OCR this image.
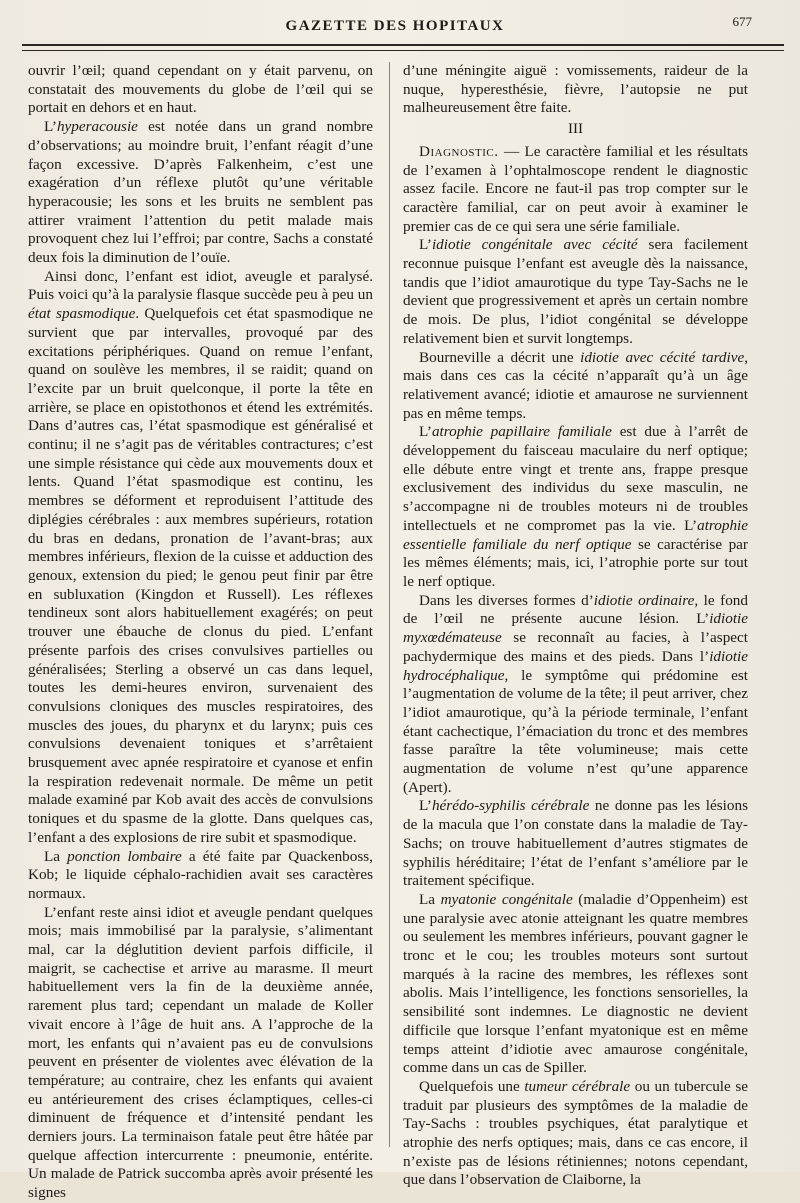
GAZETTE DES HOPITAUX	677

ouvrir l’œil; quand cependant on y était parvenu, on constatait des mouvements du globe de l’œil qui se portait en dehors et en haut.

L’hyperacousie est notée dans un grand nombre d’observations; au moindre bruit, l’enfant réagit d’une façon excessive. D’après Falkenheim, c’est une exagération d’un réflexe plutôt qu’une véritable hyperacousie; les sons et les bruits ne semblent pas attirer vraiment l’attention du petit malade mais provoquent chez lui l’effroi; par contre, Sachs a constaté deux fois la diminution de l’ouïe.

Ainsi donc, l’enfant est idiot, aveugle et paralysé. Puis voici qu’à la paralysie flasque succède peu à peu un état spasmodique. Quelquefois cet état spasmodique ne survient que par intervalles, provoqué par des excitations périphériques. Quand on remue l’enfant, quand on soulève les membres, il se raidit; quand on l’excite par un bruit quelconque, il porte la tête en arrière, se place en opistothonos et étend les extrémités. Dans d’autres cas, l’état spasmodique est généralisé et continu; il ne s’agit pas de véritables contractures; c’est une simple résistance qui cède aux mouvements doux et lents. Quand l’état spasmodique est continu, les membres se déforment et reproduisent l’attitude des diplégies cérébrales : aux membres supérieurs, rotation du bras en dedans, pronation de l’avant-bras; aux membres inférieurs, flexion de la cuisse et adduction des genoux, extension du pied; le genou peut finir par être en subluxation (Kingdon et Russell). Les réflexes tendineux sont alors habituellement exagérés; on peut trouver une ébauche de clonus du pied. L’enfant présente parfois des crises convulsives partielles ou généralisées; Sterling a observé un cas dans lequel, toutes les demi-heures environ, survenaient des convulsions cloniques des muscles respiratoires, des muscles des joues, du pharynx et du larynx; puis ces convulsions devenaient toniques et s’arrêtaient brusquement avec apnée respiratoire et cyanose et enfin la respiration redevenait normale. De même un petit malade examiné par Kob avait des accès de convulsions toniques et du spasme de la glotte. Dans quelques cas, l’enfant a des explosions de rire subit et spasmodique.

La ponction lombaire a été faite par Quackenboss, Kob; le liquide céphalo-rachidien avait ses caractères normaux.

L’enfant reste ainsi idiot et aveugle pendant quelques mois; mais immobilisé par la paralysie, s’alimentant mal, car la déglutition devient parfois difficile, il maigrit, se cachectise et arrive au marasme. Il meurt habituellement vers la fin de la deuxième année, rarement plus tard; cependant un malade de Koller vivait encore à l’âge de huit ans. A l’approche de la mort, les enfants qui n’avaient pas eu de convulsions peuvent en présenter de violentes avec élévation de la température; au contraire, chez les enfants qui avaient eu antérieurement des crises éclamptiques, celles-ci diminuent de fréquence et d’intensité pendant les derniers jours. La terminaison fatale peut être hâtée par quelque affection intercurrente : pneumonie, entérite. Un malade de Patrick succomba après avoir présenté les signes

d’une méningite aiguë : vomissements, raideur de la nuque, hyperesthésie, fièvre, l’autopsie ne put malheureusement être faite.

III

Diagnostic. — Le caractère familial et les résultats de l’examen à l’ophtalmoscope rendent le diagnostic assez facile. Encore ne faut-il pas trop compter sur le caractère familial, car on peut avoir à examiner le premier cas de ce qui sera une série familiale.

L’idiotie congénitale avec cécité sera facilement reconnue puisque l’enfant est aveugle dès la naissance, tandis que l’idiot amaurotique du type Tay-Sachs ne le devient que progressivement et après un certain nombre de mois. De plus, l’idiot congénital se développe relativement bien et survit longtemps.

Bourneville a décrit une idiotie avec cécité tardive, mais dans ces cas la cécité n’apparaît qu’à un âge relativement avancé; idiotie et amaurose ne surviennent pas en même temps.

L’atrophie papillaire familiale est due à l’arrêt de développement du faisceau maculaire du nerf optique; elle débute entre vingt et trente ans, frappe presque exclusivement des individus du sexe masculin, ne s’accompagne ni de troubles moteurs ni de troubles intellectuels et ne compromet pas la vie. L’atrophie essentielle familiale du nerf optique se caractérise par les mêmes éléments; mais, ici, l’atrophie porte sur tout le nerf optique.

Dans les diverses formes d’idiotie ordinaire, le fond de l’œil ne présente aucune lésion. L’idiotie myxœdémateuse se reconnaît au facies, à l’aspect pachydermique des mains et des pieds. Dans l’idiotie hydrocéphalique, le symptôme qui prédomine est l’augmentation de volume de la tête; il peut arriver, chez l’idiot amaurotique, qu’à la période terminale, l’enfant étant cachectique, l’émaciation du tronc et des membres fasse paraître la tête volumineuse; mais cette augmentation de volume n’est qu’une apparence (Apert).

L’hérédo-syphilis cérébrale ne donne pas les lésions de la macula que l’on constate dans la maladie de Tay-Sachs; on trouve habituellement d’autres stigmates de syphilis héréditaire; l’état de l’enfant s’améliore par le traitement spécifique.

La myatonie congénitale (maladie d’Oppenheim) est une paralysie avec atonie atteignant les quatre membres ou seulement les membres inférieurs, pouvant gagner le tronc et le cou; les troubles moteurs sont surtout marqués à la racine des membres, les réflexes sont abolis. Mais l’intelligence, les fonctions sensorielles, la sensibilité sont indemnes. Le diagnostic ne devient difficile que lorsque l’enfant myatonique est en même temps atteint d’idiotie avec amaurose congénitale, comme dans un cas de Spiller.

Quelquefois une tumeur cérébrale ou un tubercule se traduit par plusieurs des symptômes de la maladie de Tay-Sachs : troubles psychiques, état paralytique et atrophie des nerfs optiques; mais, dans ce cas encore, il n’existe pas de lésions rétiniennes; notons cependant, que dans l’observation de Claiborne, la
